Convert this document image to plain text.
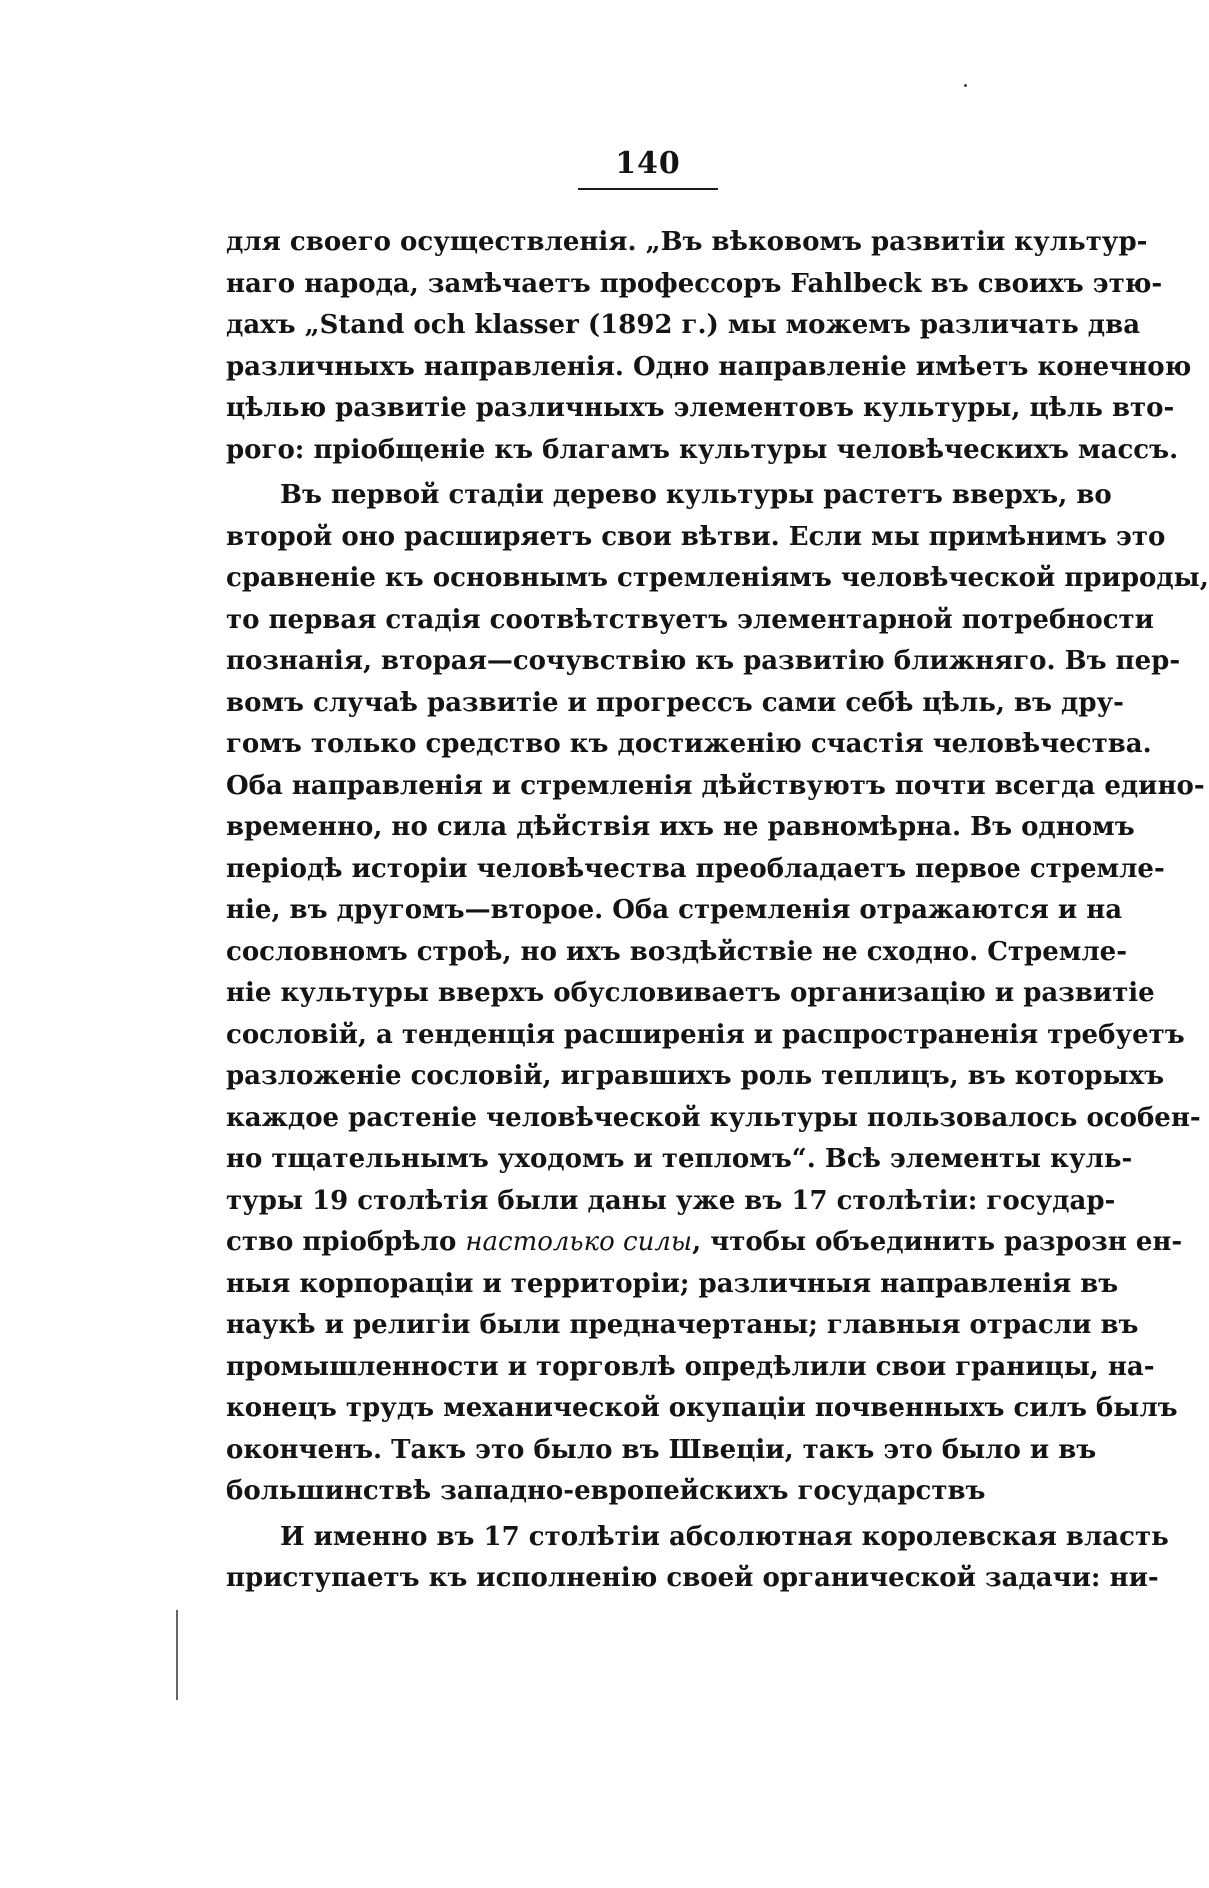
140
для своего осуществленія. „Въ вѣковомъ развитіи культур-
наго народа, замѣчаетъ профессоръ Fahlbeck въ своихъ этю-
дахъ „Stand och klasser (1892 г.) мы можемъ различать два
различныхъ направленія. Одно направленіе имѣетъ конечною
цѣлью развитіе различныхъ элементовъ культуры, цѣль вто-
рого: пріобщеніе къ благамъ культуры человѣческихъ массъ.
Въ первой стадіи дерево культуры растетъ вверхъ, во
второй оно расширяетъ свои вѣтви. Если мы примѣнимъ это
сравненіе къ основнымъ стремленіямъ человѣческой природы,
то первая стадія соотвѣтствуетъ элементарной потребности
познанія, вторая—сочувствію къ развитію ближняго. Въ пер-
вомъ случаѣ развитіе и прогрессъ сами себѣ цѣль, въ дру-
гомъ только средство къ достиженію счастія человѣчества.
Оба направленія и стремленія дѣйствуютъ почти всегда едино-
временно, но сила дѣйствія ихъ не равномѣрна. Въ одномъ
періодѣ исторіи человѣчества преобладаетъ первое стремле-
ніе, въ другомъ—второе. Оба стремленія отражаются и на
сословномъ строѣ, но ихъ воздѣйствіе не сходно. Стремле-
ніе культуры вверхъ обусловиваетъ организацію и развитіе
сословій, а тенденція расширенія и распространенія требуетъ
разложеніе сословій, игравшихъ роль теплицъ, въ которыхъ
каждое растеніе человѣческой культуры пользовалось особен-
но тщательнымъ уходомъ и тепломъ“. Всѣ элементы куль-
туры 19 столѣтія были даны уже въ 17 столѣтіи: государ-
ство пріобрѣло настолько силы, чтобы объединить разрозн ен-
ныя корпораціи и территоріи; различныя направленія въ
наукѣ и религіи были предначертаны; главныя отрасли въ
промышленности и торговлѣ опредѣлили свои границы, на-
конецъ трудъ механической окупаціи почвенныхъ силъ былъ
оконченъ. Такъ это было въ Швеціи, такъ это было и въ
большинствѣ западно-европейскихъ государствъ
И именно въ 17 столѣтіи абсолютная королевская власть
приступаетъ къ исполненію своей органической задачи: ни-
